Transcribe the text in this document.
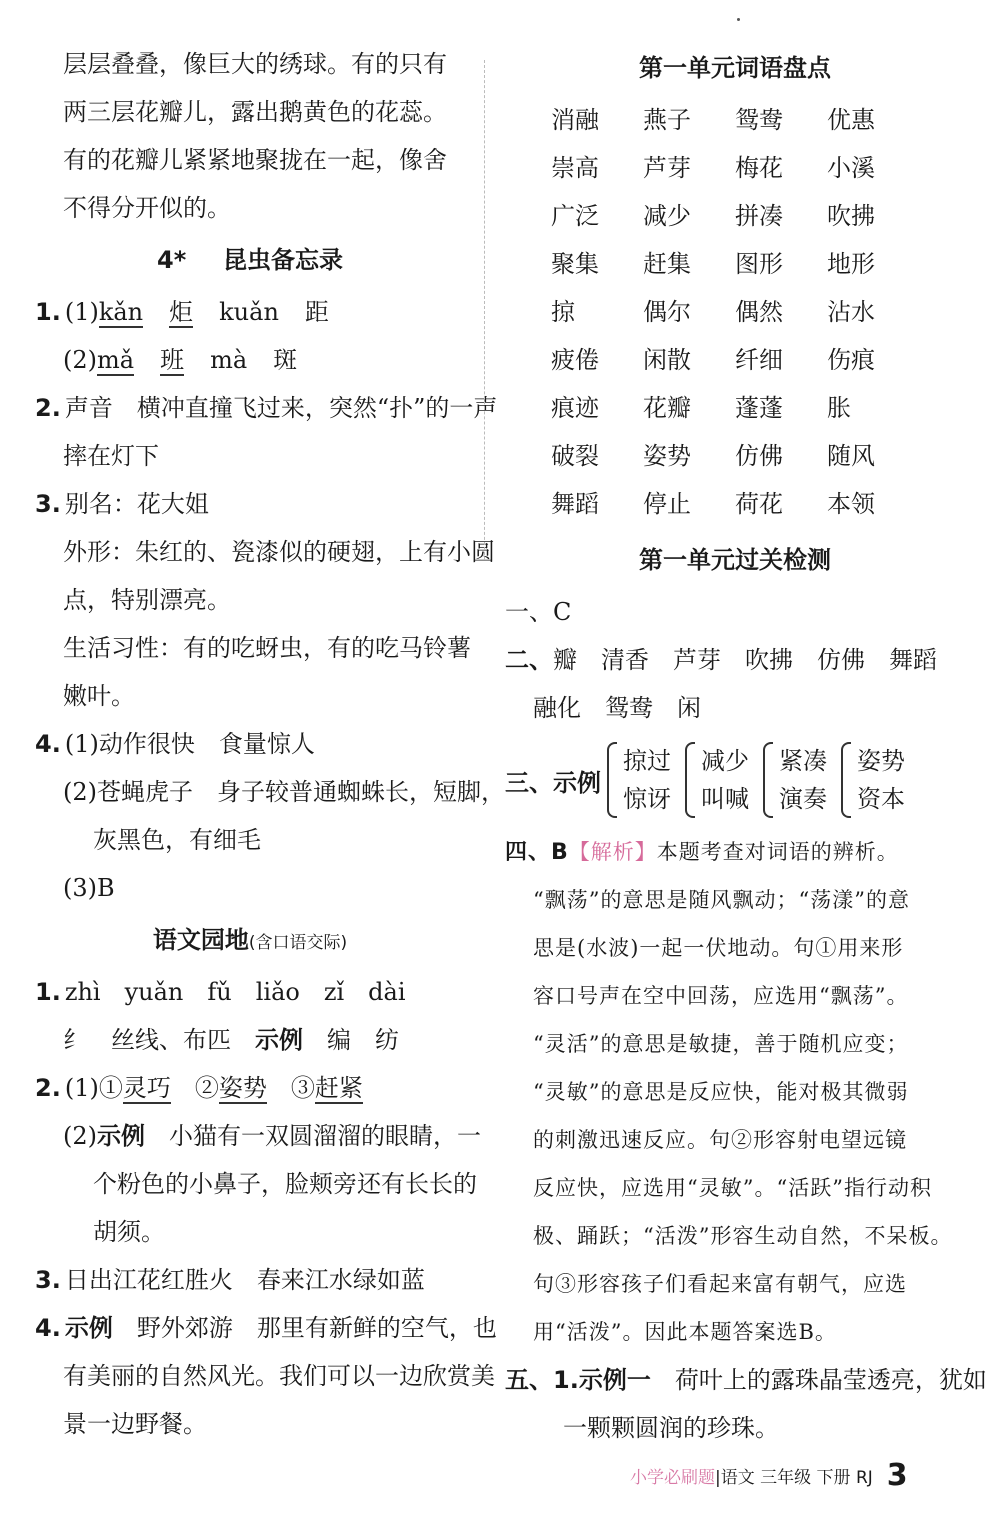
层层叠叠，像巨大的绣球。有的只有
两三层花瓣儿，露出鹅黄色的花蕊。
有的花瓣儿紧紧地聚拢在一起，像舍
不得分开似的。
4* 昆虫备忘录
1. (1)kǎn 炬 kuǎn 距
(2)mǎ 班 mà 斑
2. 声音　横冲直撞飞过来，突然“扑”的一声
摔在灯下
3. 别名：花大姐
外形：朱红的、瓷漆似的硬翅，上有小圆
点，特别漂亮。
生活习性：有的吃蚜虫，有的吃马铃薯
嫩叶。
4. (1)动作很快　食量惊人
(2)苍蝇虎子　身子较普通蜘蛛长，短脚，
灰黑色，有细毛
(3)B
语文园地(含口语交际)
1. zhì　yuǎn　fǔ　liǎo　zǐ　dài
纟　丝线、布匹　 示例　 编　纺
2. (1)①灵巧　 ②姿势　 ③赶紧
(2)示例　 小猫有一双圆溜溜的眼睛，一
个粉色的小鼻子，脸颊旁还有长长的
胡须。
3. 日出江花红胜火　春来江水绿如蓝
4. 示例　 野外郊游　那里有新鲜的空气，也
有美丽的自然风光。我们可以一边欣赏美
景一边野餐。
第一单元词语盘点
消融	燕子	鸳鸯	优惠
崇高	芦芽	梅花	小溪
广泛	减少	拼凑	吹拂
聚集	赶集	图形	地形
掠	偶尔	偶然	沾水
疲倦	闲散	纤细	伤痕
痕迹	花瓣	蓬蓬	胀
破裂	姿势	仿佛	随风
舞蹈	停止	荷花	本领
第一单元过关检测
一、C
二、瓣　清香　芦芽　吹拂　仿佛　舞蹈
融化　鸳鸯　闲
三、示例
掠过
惊讶
减少
叫喊
紧凑
演奏
姿势
资本
四、B【解析】本题考查对词语的辨析。
“飘荡”的意思是随风飘动；“荡漾”的意
思是(水波)一起一伏地动。句①用来形
容口号声在空中回荡，应选用“飘荡”。
“灵活”的意思是敏捷，善于随机应变；
“灵敏”的意思是反应快，能对极其微弱
的刺激迅速反应。句②形容射电望远镜
反应快，应选用“灵敏”。“活跃”指行动积
极、踊跃；“活泼”形容生动自然，不呆板。
句③形容孩子们看起来富有朝气，应选
用“活泼”。因此本题答案选B。
五、1.示例一　 荷叶上的露珠晶莹透亮，犹如
一颗颗圆润的珍珠。
小学必刷题 |语文 三年级 下册 RJ 3
